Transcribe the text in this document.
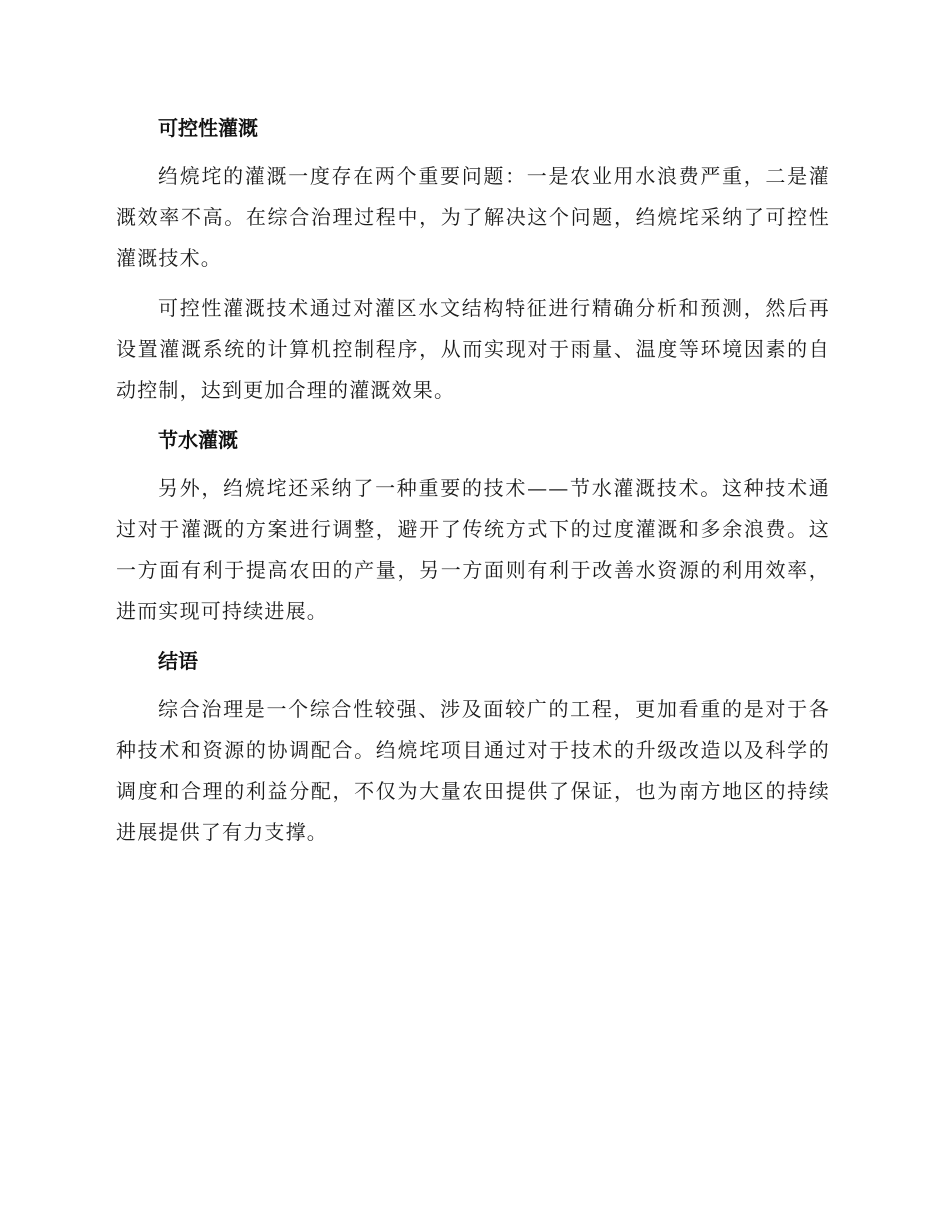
可控性灌溉

绉煷垞的灌溉一度存在两个重要问题：一是农业用水浪费严重，二是灌溉效率不高。在综合治理过程中，为了解决这个问题，绉煷垞采纳了可控性灌溉技术。

可控性灌溉技术通过对灌区水文结构特征进行精确分析和预测，然后再设置灌溉系统的计算机控制程序，从而实现对于雨量、温度等环境因素的自动控制，达到更加合理的灌溉效果。

节水灌溉

另外，绉煷垞还采纳了一种重要的技术——节水灌溉技术。这种技术通过对于灌溉的方案进行调整，避开了传统方式下的过度灌溉和多余浪费。这一方面有利于提高农田的产量，另一方面则有利于改善水资源的利用效率，进而实现可持续进展。

结语

综合治理是一个综合性较强、涉及面较广的工程，更加看重的是对于各种技术和资源的协调配合。绉煷垞项目通过对于技术的升级改造以及科学的调度和合理的利益分配，不仅为大量农田提供了保证，也为南方地区的持续进展提供了有力支撑。
